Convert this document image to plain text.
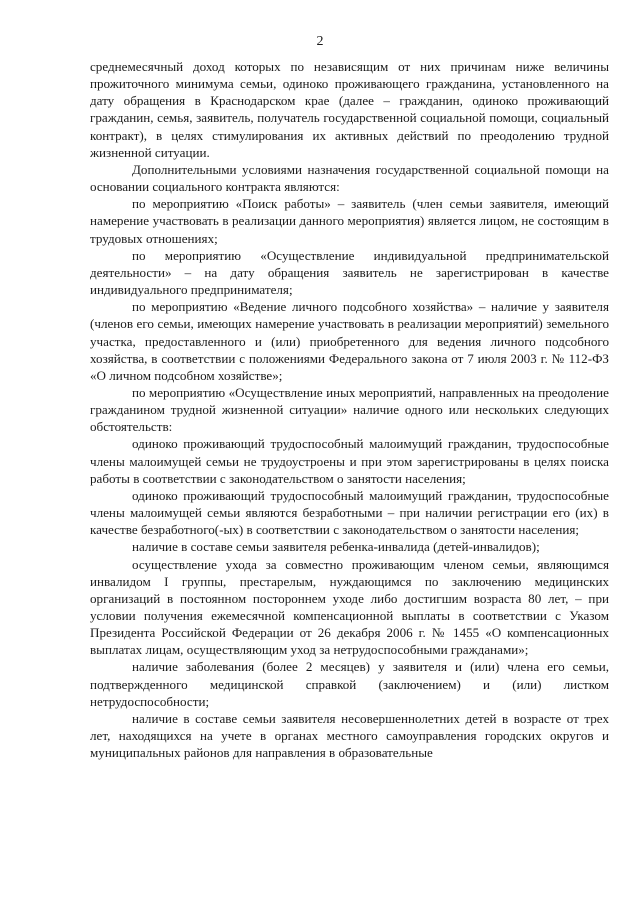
2

среднемесячный доход которых по независящим от них причинам ниже величины прожиточного минимума семьи, одиноко проживающего гражданина, установленного на дату обращения в Краснодарском крае (далее – гражданин, одиноко проживающий гражданин, семья, заявитель, получатель государственной социальной помощи, социальный контракт), в целях стимулирования их активных действий по преодолению трудной жизненной ситуации.

Дополнительными условиями назначения государственной социальной помощи на основании социального контракта являются:

по мероприятию «Поиск работы» – заявитель (член семьи заявителя, имеющий намерение участвовать в реализации данного мероприятия) является лицом, не состоящим в трудовых отношениях;

по мероприятию «Осуществление индивидуальной предпринимательской деятельности» – на дату обращения заявитель не зарегистрирован в качестве индивидуального предпринимателя;

по мероприятию «Ведение личного подсобного хозяйства» – наличие у заявителя (членов его семьи, имеющих намерение участвовать в реализации мероприятий) земельного участка, предоставленного и (или) приобретенного для ведения личного подсобного хозяйства, в соответствии с положениями Федерального закона от 7 июля 2003 г. № 112-ФЗ «О личном подсобном хозяйстве»;

по мероприятию «Осуществление иных мероприятий, направленных на преодоление гражданином трудной жизненной ситуации» наличие одного или нескольких следующих обстоятельств:

одиноко проживающий трудоспособный малоимущий гражданин, трудоспособные члены малоимущей семьи не трудоустроены и при этом зарегистрированы в целях поиска работы в соответствии с законодательством о занятости населения;

одиноко проживающий трудоспособный малоимущий гражданин, трудоспособные члены малоимущей семьи являются безработными – при наличии регистрации его (их) в качестве безработного(-ых) в соответствии с законодательством о занятости населения;

наличие в составе семьи заявителя ребенка-инвалида (детей-инвалидов);

осуществление ухода за совместно проживающим членом семьи, являющимся инвалидом I группы, престарелым, нуждающимся по заключению медицинских организаций в постоянном постороннем уходе либо достигшим возраста 80 лет, – при условии получения ежемесячной компенсационной выплаты в соответствии с Указом Президента Российской Федерации от 26 декабря 2006 г. № 1455 «О компенсационных выплатах лицам, осуществляющим уход за нетрудоспособными гражданами»;

наличие заболевания (более 2 месяцев) у заявителя и (или) члена его семьи, подтвержденного медицинской справкой (заключением) и (или) листком нетрудоспособности;

наличие в составе семьи заявителя несовершеннолетних детей в возрасте от трех лет, находящихся на учете в органах местного самоуправления городских округов и муниципальных районов для направления в образовательные
